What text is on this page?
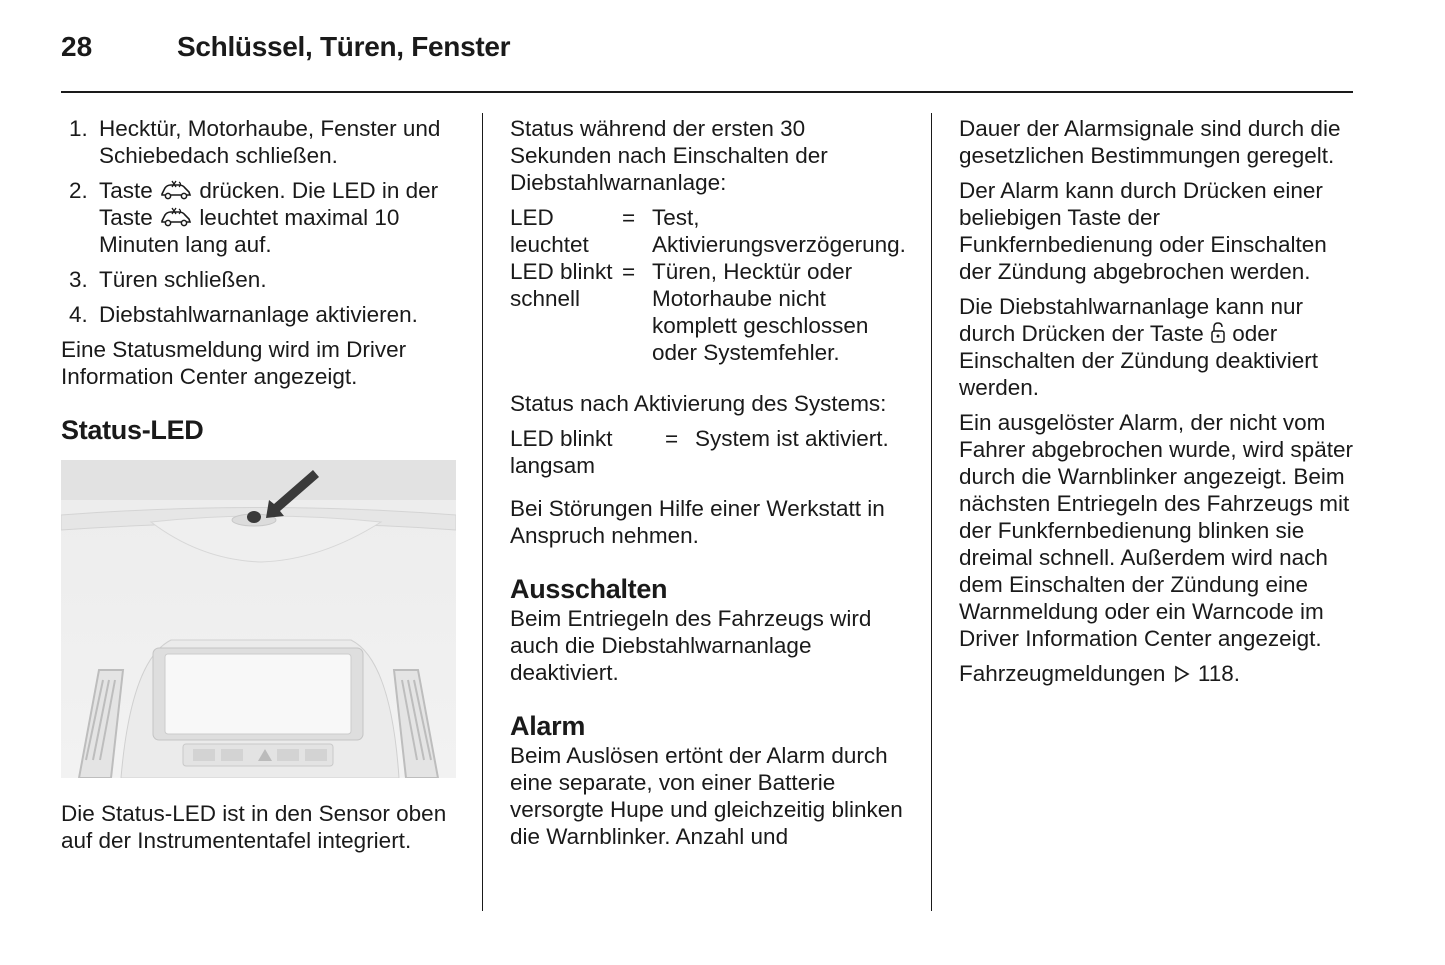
28	Schlüssel, Türen, Fenster
1. Hecktür, Motorhaube, Fenster und Schiebedach schließen.
2. Taste drücken. Die LED in der Taste leuchtet maximal 10 Minuten lang auf.
3. Türen schließen.
4. Diebstahlwarnanlage aktivieren.

Eine Statusmeldung wird im Driver Information Center angezeigt.

Status-LED

Die Status-LED ist in den Sensor oben auf der Instrumententafel integriert.

Status während der ersten 30 Sekunden nach Einschalten der Diebstahlwarnanlage:

LED leuchtet
= Test, Aktivierungsverzögerung.
LED blinkt schnell
= Türen, Hecktür oder Motorhaube nicht komplett geschlossen oder Systemfehler.

Status nach Aktivierung des Systems:

LED blinkt langsam
= System ist aktiviert.

Bei Störungen Hilfe einer Werkstatt in Anspruch nehmen.

Ausschalten

Beim Entriegeln des Fahrzeugs wird auch die Diebstahlwarnanlage deaktiviert.

Alarm

Beim Auslösen ertönt der Alarm durch eine separate, von einer Batterie versorgte Hupe und gleichzeitig blinken die Warnblinker. Anzahl und

Dauer der Alarmsignale sind durch die gesetzlichen Bestimmungen geregelt.

Der Alarm kann durch Drücken einer beliebigen Taste der Funkfernbedienung oder Einschalten der Zündung abgebrochen werden.

Die Diebstahlwarnanlage kann nur durch Drücken der Taste oder Einschalten der Zündung deaktiviert werden.

Ein ausgelöster Alarm, der nicht vom Fahrer abgebrochen wurde, wird später durch die Warnblinker angezeigt. Beim nächsten Entriegeln des Fahrzeugs mit der Funkfernbedienung blinken sie dreimal schnell. Außerdem wird nach dem Einschalten der Zündung eine Warnmeldung oder ein Warncode im Driver Information Center angezeigt.

Fahrzeugmeldungen 118.
